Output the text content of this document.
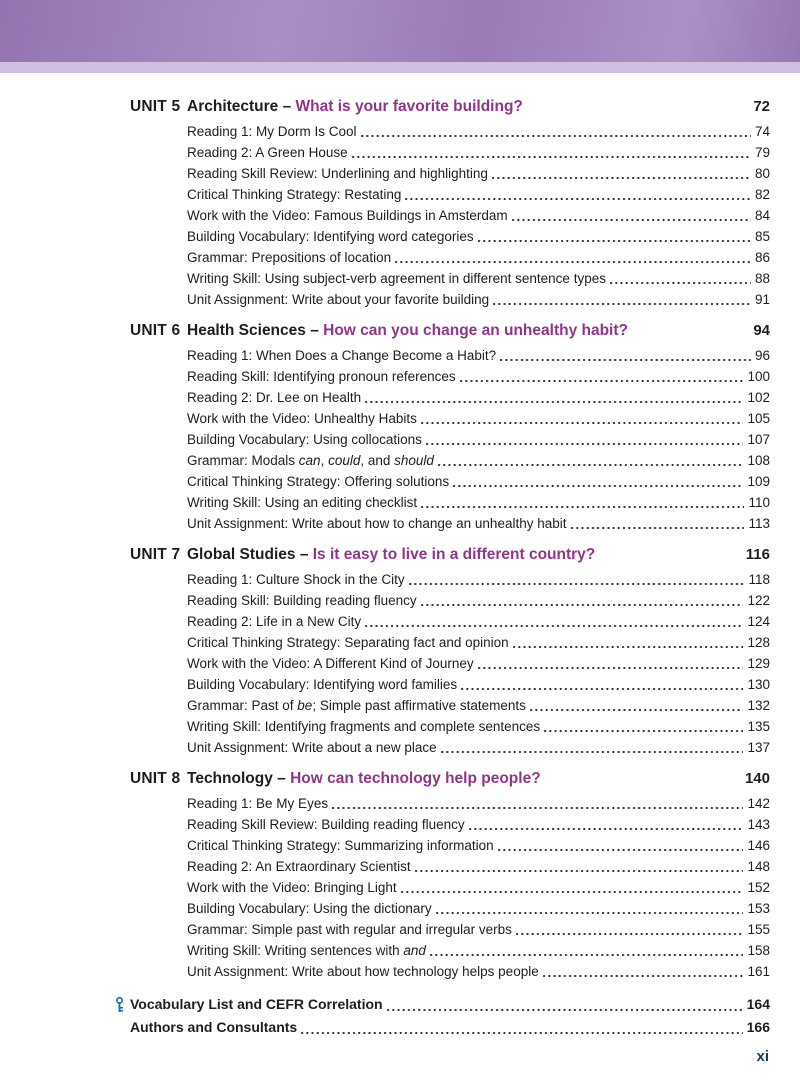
UNIT 5 Architecture – What is your favorite building?	72
Reading 1: My Dorm Is Cool	74
Reading 2: A Green House	79
Reading Skill Review: Underlining and highlighting	80
Critical Thinking Strategy: Restating	82
Work with the Video: Famous Buildings in Amsterdam	84
Building Vocabulary: Identifying word categories	85
Grammar: Prepositions of location	86
Writing Skill: Using subject-verb agreement in different sentence types	88
Unit Assignment: Write about your favorite building	91
UNIT 6 Health Sciences – How can you change an unhealthy habit?	94
Reading 1: When Does a Change Become a Habit?	96
Reading Skill: Identifying pronoun references	100
Reading 2: Dr. Lee on Health	102
Work with the Video: Unhealthy Habits	105
Building Vocabulary: Using collocations	107
Grammar: Modals can, could, and should	108
Critical Thinking Strategy: Offering solutions	109
Writing Skill: Using an editing checklist	110
Unit Assignment: Write about how to change an unhealthy habit	113
UNIT 7 Global Studies – Is it easy to live in a different country?	116
Reading 1: Culture Shock in the City	118
Reading Skill: Building reading fluency	122
Reading 2: Life in a New City	124
Critical Thinking Strategy: Separating fact and opinion	128
Work with the Video: A Different Kind of Journey	129
Building Vocabulary: Identifying word families	130
Grammar: Past of be; Simple past affirmative statements	132
Writing Skill: Identifying fragments and complete sentences	135
Unit Assignment: Write about a new place	137
UNIT 8 Technology – How can technology help people?	140
Reading 1: Be My Eyes	142
Reading Skill Review: Building reading fluency	143
Critical Thinking Strategy: Summarizing information	146
Reading 2: An Extraordinary Scientist	148
Work with the Video: Bringing Light	152
Building Vocabulary: Using the dictionary	153
Grammar: Simple past with regular and irregular verbs	155
Writing Skill: Writing sentences with and	158
Unit Assignment: Write about how technology helps people	161
Vocabulary List and CEFR Correlation	164
Authors and Consultants	166
xi
